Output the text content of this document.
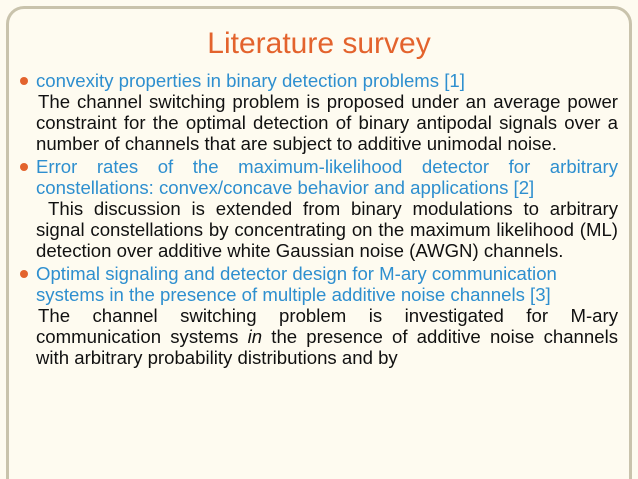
Literature survey
convexity properties in binary detection problems [1]
The channel switching problem is proposed under an average power constraint for the optimal detection of binary antipodal signals over a number of channels that are subject to additive unimodal noise.
Error rates of the maximum-likelihood detector for arbitrary constellations: convex/concave behavior and applications [2]
This discussion is extended from binary modulations to arbitrary signal constellations by concentrating on the maximum likelihood (ML) detection over additive white Gaussian noise (AWGN) channels.
Optimal signaling and detector design for M-ary communication systems in the presence of multiple additive noise channels [3]
The channel switching problem is investigated for M-ary communication systems in the presence of additive noise channels with arbitrary probability distributions and by
